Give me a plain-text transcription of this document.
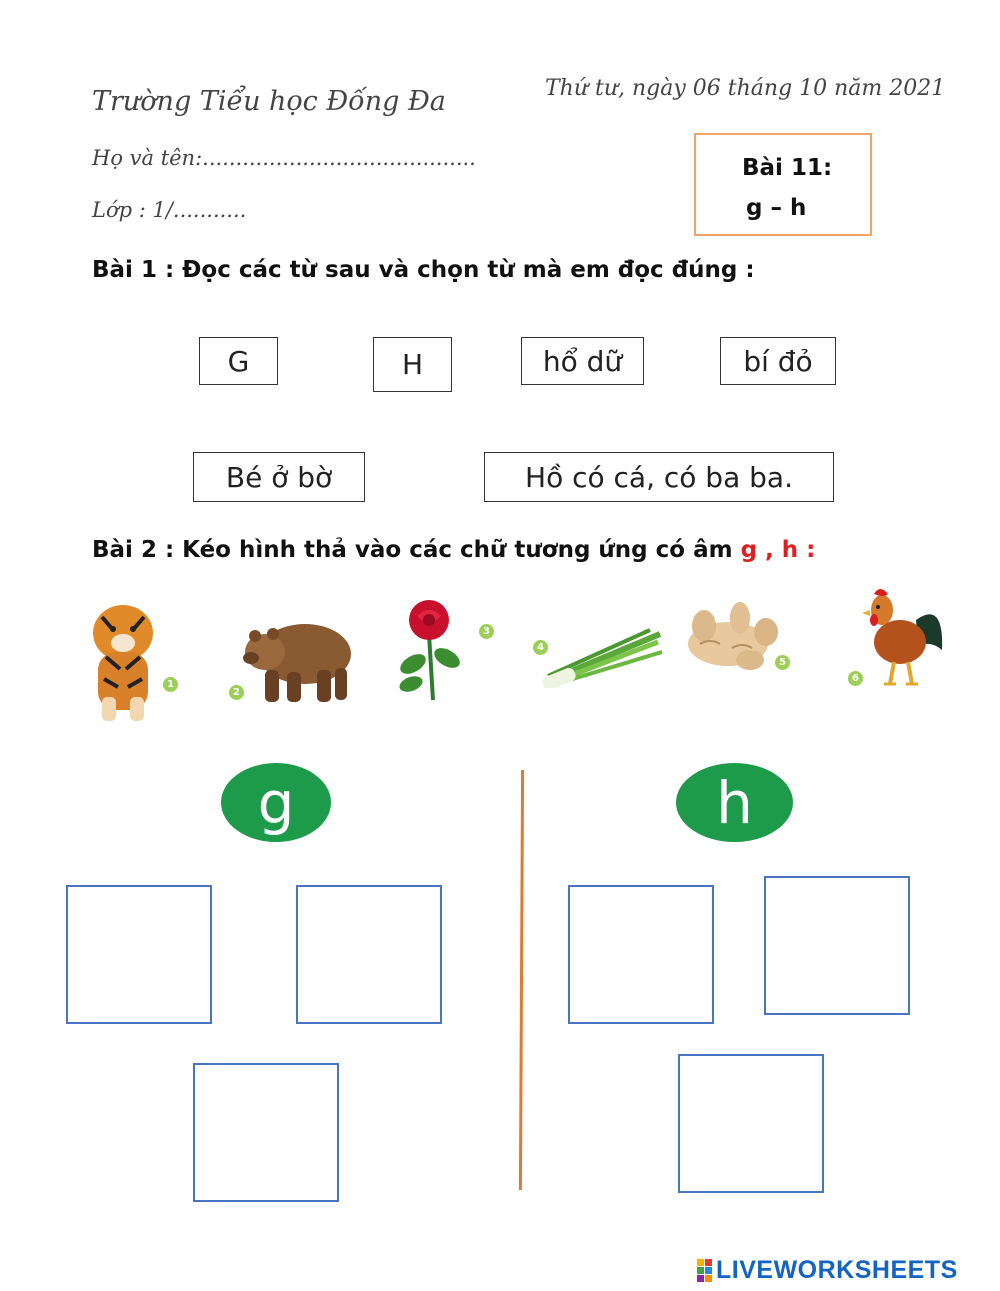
Trường Tiểu học Đống Đa
Họ và tên:.........................................
Lớp : 1/...........
Thứ tư, ngày 06 tháng 10 năm 2021
Bài 11:
g – h
Bài 1 : Đọc các từ sau và chọn từ mà em đọc đúng :
G	H	hổ dữ	bí đỏ
Bé ở bờ	Hồ có cá, có ba ba.
Bài 2 : Kéo hình thả vào các chữ tương ứng có âm g , h :
1
2
3
4
5
6
g	h
LIVEWORKSHEETS
